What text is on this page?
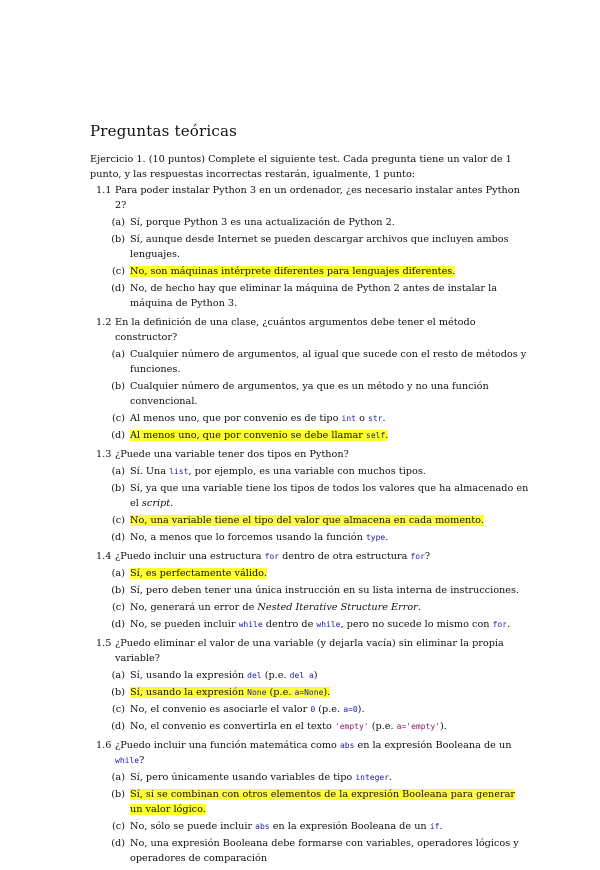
Preguntas teóricas
Ejercicio 1. (10 puntos) Complete el siguiente test. Cada pregunta tiene un valor de 1 punto, y las respuestas incorrectas restarán, igualmente, 1 punto:
1.1 Para poder instalar Python 3 en un ordenador, ¿es necesario instalar antes Python 2?
(a) Sí, porque Python 3 es una actualización de Python 2.
(b) Sí, aunque desde Internet se pueden descargar archivos que incluyen ambos lenguajes.
(c) No, son máquinas intérprete diferentes para lenguajes diferentes.
(d) No, de hecho hay que eliminar la máquina de Python 2 antes de instalar la máquina de Python 3.
1.2 En la definición de una clase, ¿cuántos argumentos debe tener el método constructor?
(a) Cualquier número de argumentos, al igual que sucede con el resto de métodos y funciones.
(b) Cualquier número de argumentos, ya que es un método y no una función convencional.
(c) Al menos uno, que por convenio es de tipo int o str.
(d) Al menos uno, que por convenio se debe llamar self.
1.3 ¿Puede una variable tener dos tipos en Python?
(a) Sí. Una list, por ejemplo, es una variable con muchos tipos.
(b) Sí, ya que una variable tiene los tipos de todos los valores que ha almacenado en el script.
(c) No, una variable tiene el tipo del valor que almacena en cada momento.
(d) No, a menos que lo forcemos usando la función type.
1.4 ¿Puedo incluir una estructura for dentro de otra estructura for?
(a) Sí, es perfectamente válido.
(b) Sí, pero deben tener una única instrucción en su lista interna de instrucciones.
(c) No, generará un error de Nested Iterative Structure Error.
(d) No, se pueden incluir while dentro de while, pero no sucede lo mismo con for.
1.5 ¿Puedo eliminar el valor de una variable (y dejarla vacía) sin eliminar la propia variable?
(a) Sí, usando la expresión del (p.e. del a)
(b) Sí, usando la expresión None (p.e. a=None).
(c) No, el convenio es asociarle el valor 0 (p.e. a=0).
(d) No, el convenio es convertirla en el texto 'empty' (p.e. a='empty').
1.6 ¿Puedo incluir una función matemática como abs en la expresión Booleana de un while?
(a) Sí, pero únicamente usando variables de tipo integer.
(b) Sí, si se combinan con otros elementos de la expresión Booleana para generar un valor lógico.
(c) No, sólo se puede incluir abs en la expresión Booleana de un if.
(d) No, una expresión Booleana debe formarse con variables, operadores lógicos y operadores de comparación
